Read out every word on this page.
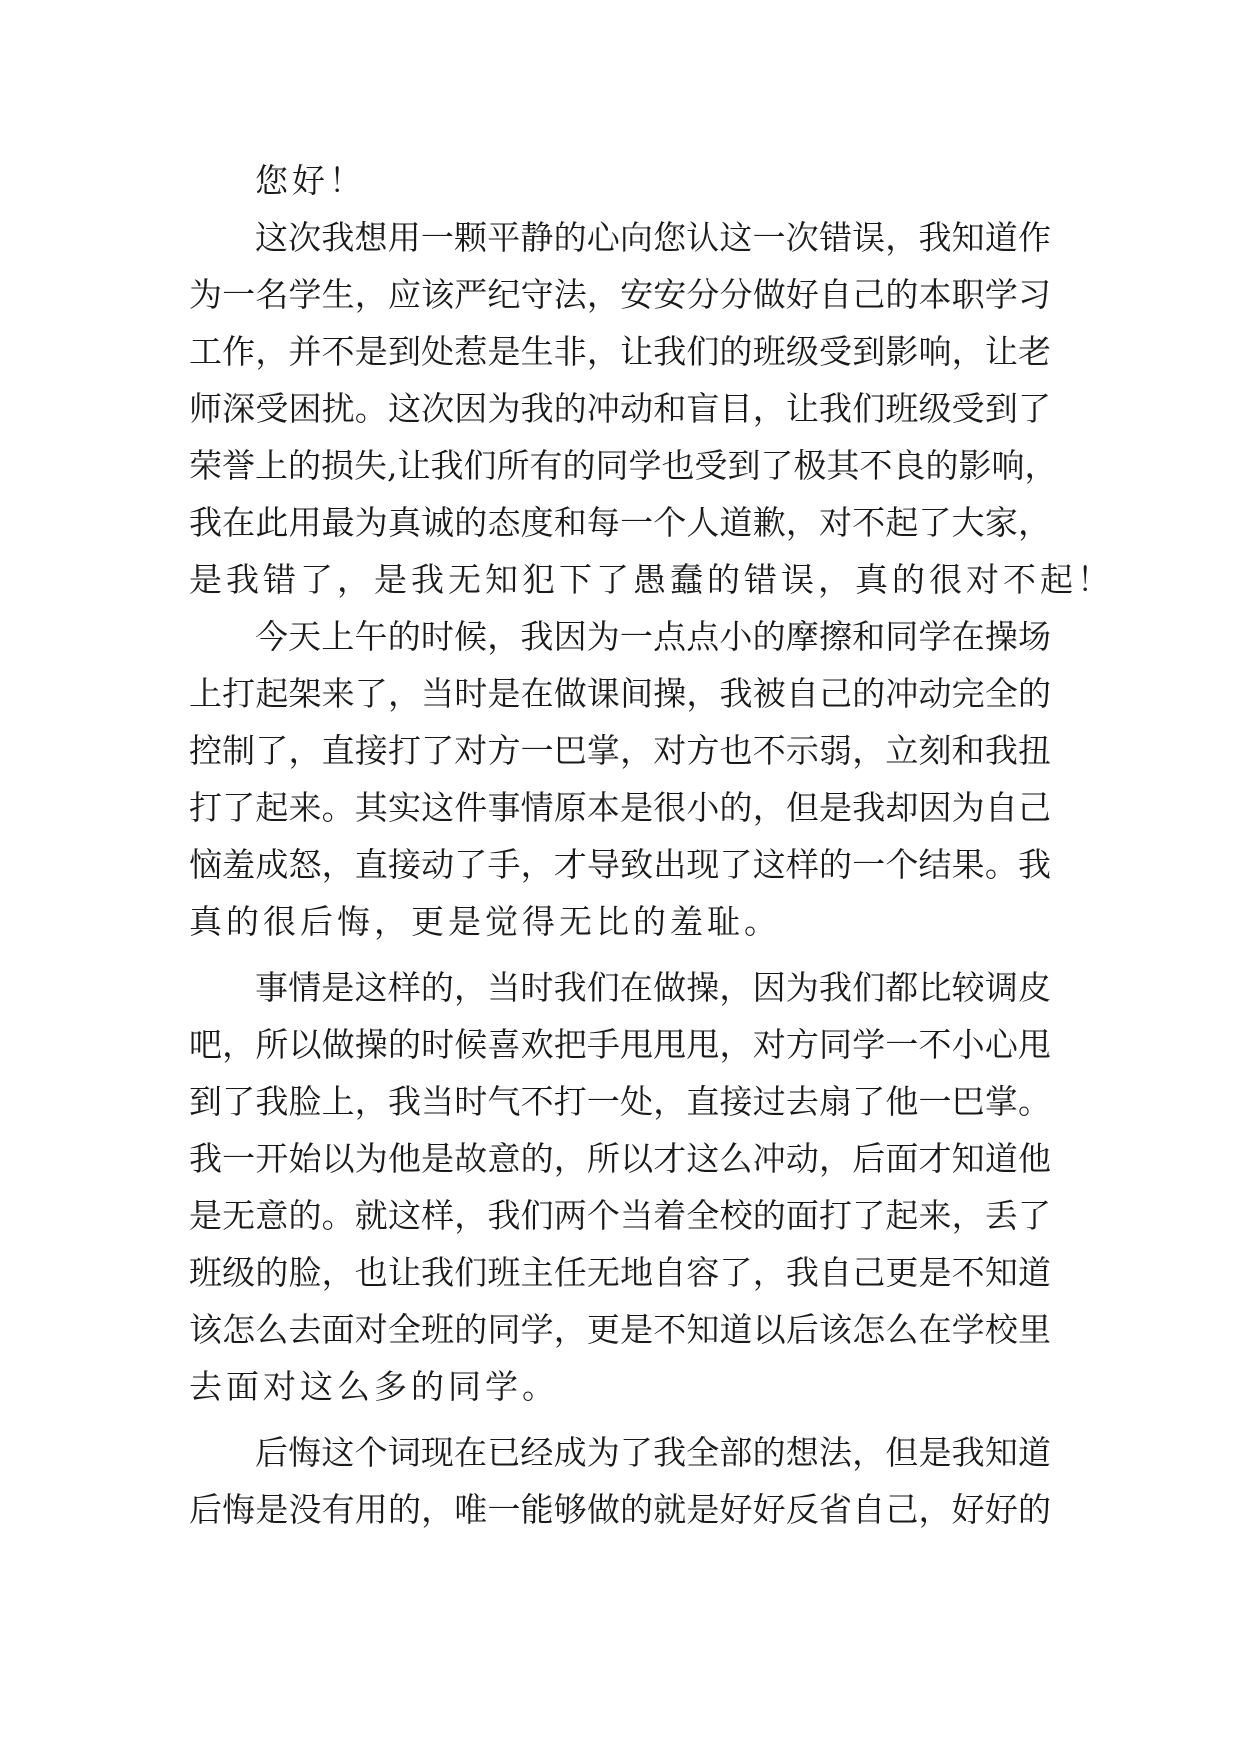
您好！
这次我想用一颗平静的心向您认这一次错误，我知道作
为一名学生，应该严纪守法，安安分分做好自己的本职学习
工作，并不是到处惹是生非，让我们的班级受到影响，让老
师深受困扰。这次因为我的冲动和盲目，让我们班级受到了
荣誉上的损失,让我们所有的同学也受到了极其不良的影响，
我在此用最为真诚的态度和每一个人道歉，对不起了大家，
是我错了，是我无知犯下了愚蠢的错误，真的很对不起！
今天上午的时候，我因为一点点小的摩擦和同学在操场
上打起架来了，当时是在做课间操，我被自己的冲动完全的
控制了，直接打了对方一巴掌，对方也不示弱，立刻和我扭
打了起来。其实这件事情原本是很小的，但是我却因为自己
恼羞成怒，直接动了手，才导致出现了这样的一个结果。我
真的很后悔，更是觉得无比的羞耻。
事情是这样的，当时我们在做操，因为我们都比较调皮
吧，所以做操的时候喜欢把手甩甩甩，对方同学一不小心甩
到了我脸上，我当时气不打一处，直接过去扇了他一巴掌。
我一开始以为他是故意的，所以才这么冲动，后面才知道他
是无意的。就这样，我们两个当着全校的面打了起来，丢了
班级的脸，也让我们班主任无地自容了，我自己更是不知道
该怎么去面对全班的同学，更是不知道以后该怎么在学校里
去面对这么多的同学。
后悔这个词现在已经成为了我全部的想法，但是我知道
后悔是没有用的，唯一能够做的就是好好反省自己，好好的
